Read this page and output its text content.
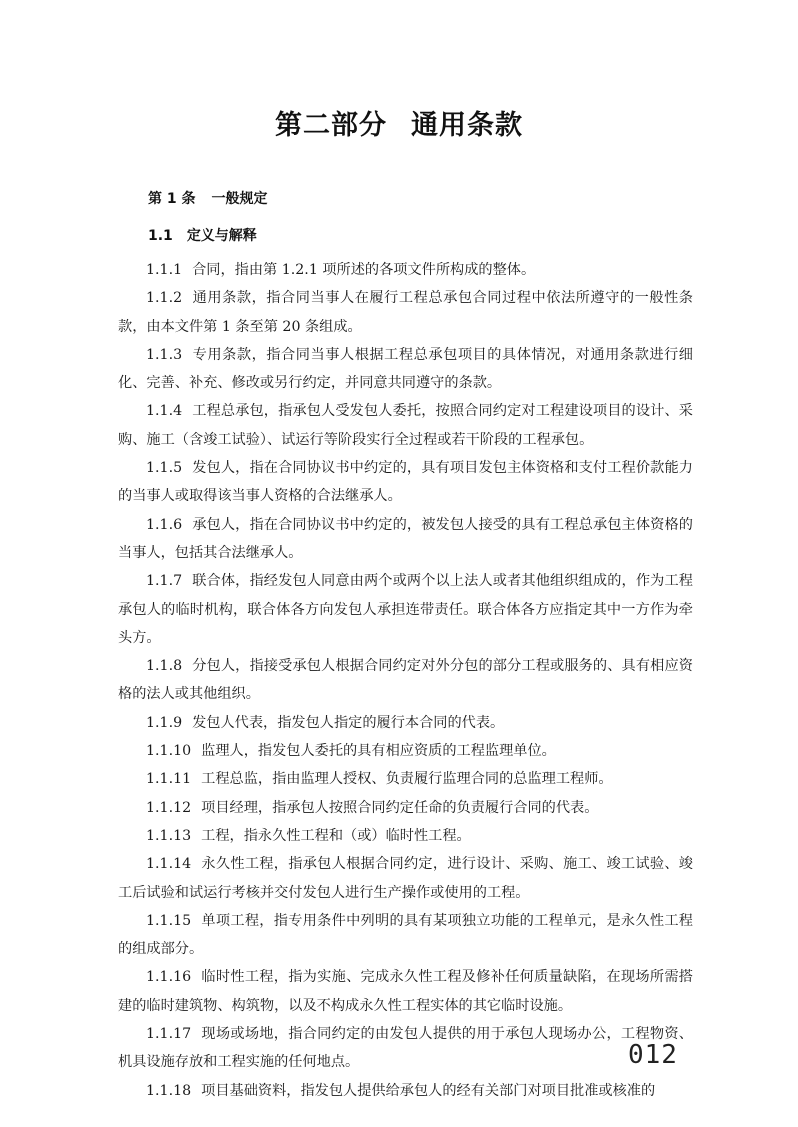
第二部分 通用条款
第 1 条 一般规定
1.1 定义与解释

1.1.1 合同，指由第 1.2.1 项所述的各项文件所构成的整体。

1.1.2 通用条款，指合同当事人在履行工程总承包合同过程中依法所遵守的一般性条款，由本文件第 1 条至第 20 条组成。

1.1.3 专用条款，指合同当事人根据工程总承包项目的具体情况，对通用条款进行细化、完善、补充、修改或另行约定，并同意共同遵守的条款。

1.1.4 工程总承包，指承包人受发包人委托，按照合同约定对工程建设项目的设计、采购、施工（含竣工试验）、试运行等阶段实行全过程或若干阶段的工程承包。

1.1.5 发包人，指在合同协议书中约定的，具有项目发包主体资格和支付工程价款能力的当事人或取得该当事人资格的合法继承人。

1.1.6 承包人，指在合同协议书中约定的，被发包人接受的具有工程总承包主体资格的当事人，包括其合法继承人。

1.1.7 联合体，指经发包人同意由两个或两个以上法人或者其他组织组成的，作为工程承包人的临时机构，联合体各方向发包人承担连带责任。联合体各方应指定其中一方作为牵头方。

1.1.8 分包人，指接受承包人根据合同约定对外分包的部分工程或服务的、具有相应资格的法人或其他组织。

1.1.9 发包人代表，指发包人指定的履行本合同的代表。

1.1.10 监理人，指发包人委托的具有相应资质的工程监理单位。

1.1.11 工程总监，指由监理人授权、负责履行监理合同的总监理工程师。

1.1.12 项目经理，指承包人按照合同约定任命的负责履行合同的代表。

1.1.13 工程，指永久性工程和（或）临时性工程。

1.1.14 永久性工程，指承包人根据合同约定，进行设计、采购、施工、竣工试验、竣工后试验和试运行考核并交付发包人进行生产操作或使用的工程。

1.1.15 单项工程，指专用条件中列明的具有某项独立功能的工程单元，是永久性工程的组成部分。

1.1.16 临时性工程，指为实施、完成永久性工程及修补任何质量缺陷，在现场所需搭建的临时建筑物、构筑物，以及不构成永久性工程实体的其它临时设施。

1.1.17 现场或场地，指合同约定的由发包人提供的用于承包人现场办公，工程物资、机具设施存放和工程实施的任何地点。

1.1.18 项目基础资料，指发包人提供给承包人的经有关部门对项目批准或核准的

012
